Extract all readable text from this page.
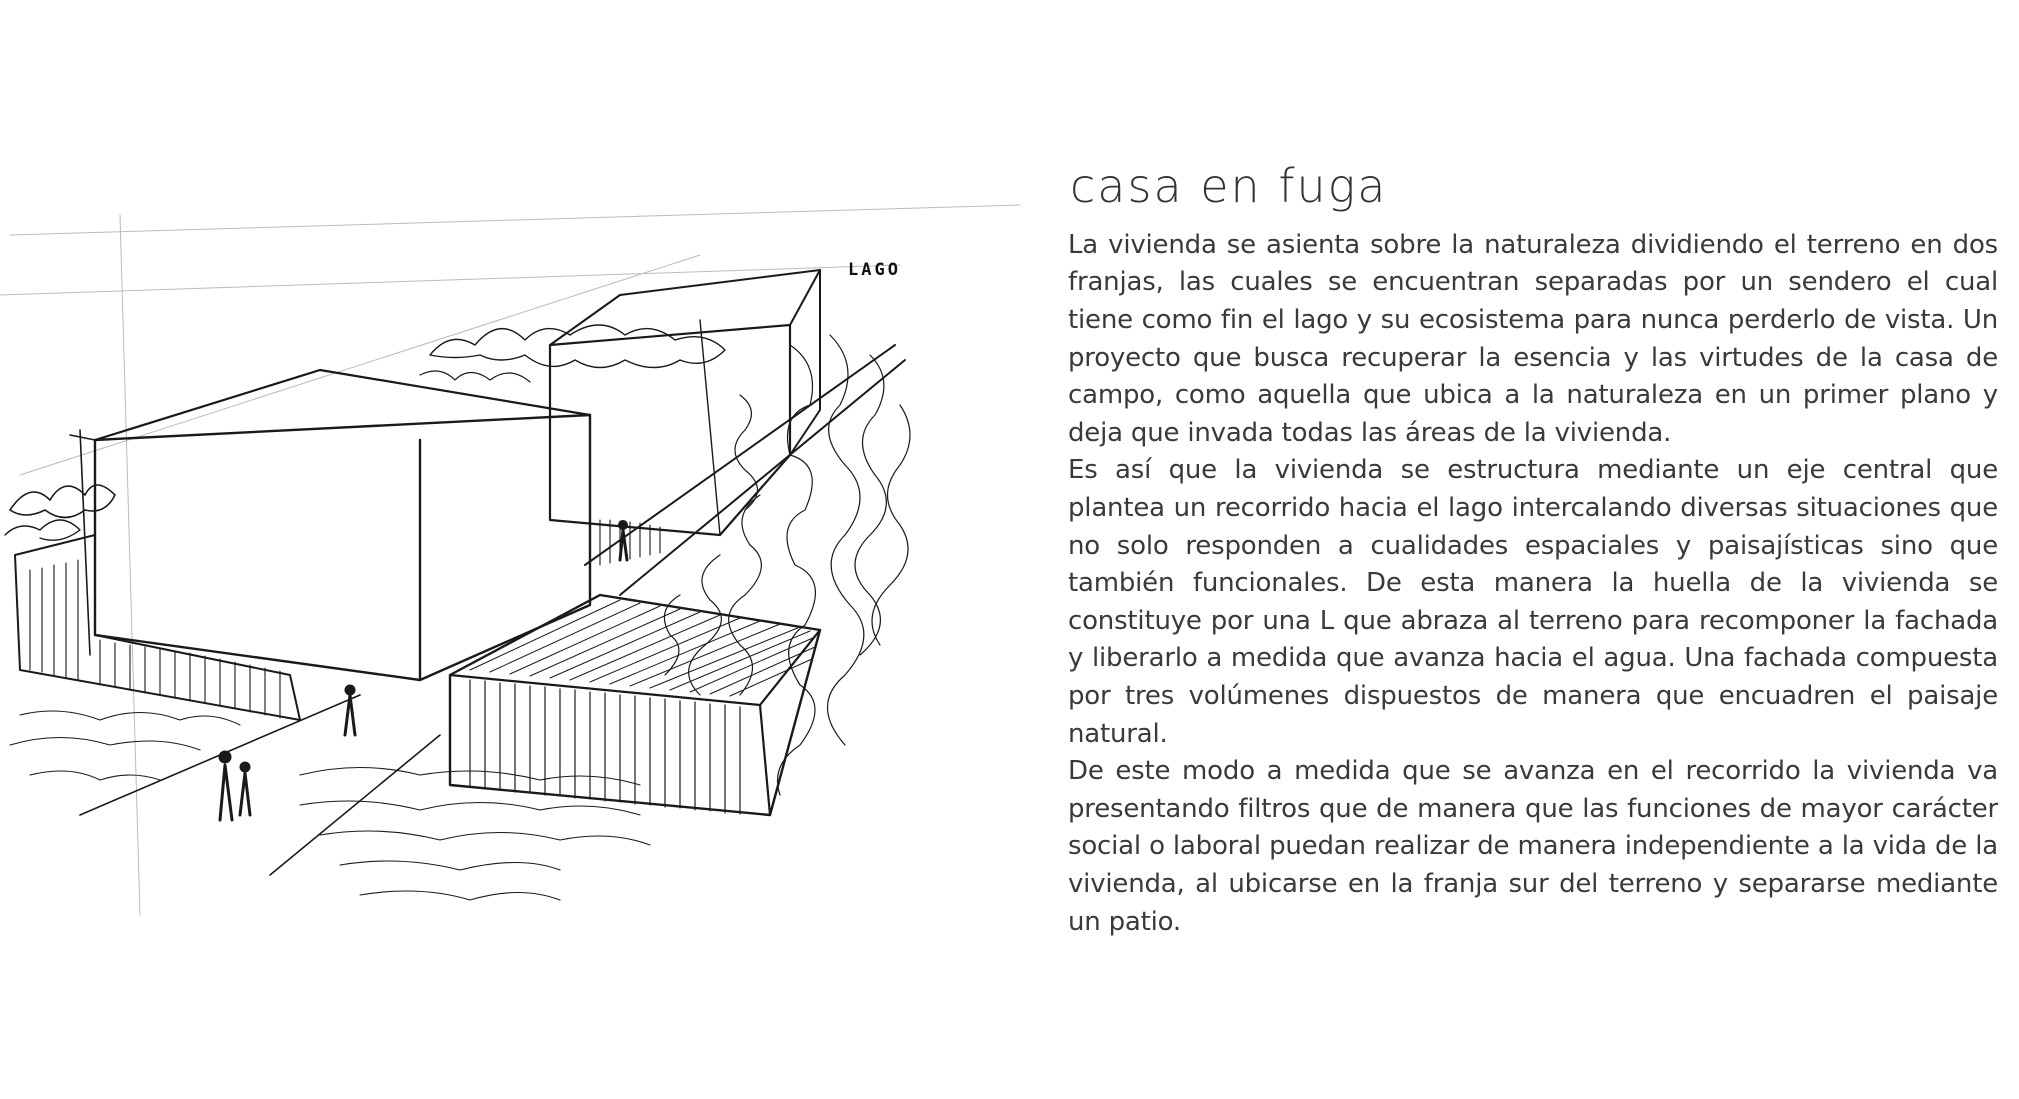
LAGO
casa en fuga

La vivienda se asienta sobre la naturaleza dividiendo el terreno en dos franjas, las cuales se encuentran separadas por un sendero el cual tiene como fin el lago y su ecosistema para nunca perderlo de vista. Un proyecto que busca recuperar la esencia y las virtudes de la casa de campo, como aquella que ubica a la naturaleza en un primer plano y deja que invada todas las áreas de la vivienda.

Es así que la vivienda se estructura mediante un eje central que plantea un recorrido hacia el lago intercalando diversas situaciones que no solo responden a cualidades espaciales y paisajísticas sino que también funcionales. De esta manera la huella de la vivienda se constituye por una L que abraza al terreno para recomponer la fachada y liberarlo a medida que avanza hacia el agua. Una fachada compuesta por tres volúmenes dispuestos de manera que encuadren el paisaje natural.

De este modo a medida que se avanza en el recorrido la vivienda va presentando filtros que de manera que las funciones de mayor carácter social o laboral puedan realizar de manera independiente a la vida de la vivienda, al ubicarse en la franja sur del terreno y separarse mediante un patio.
